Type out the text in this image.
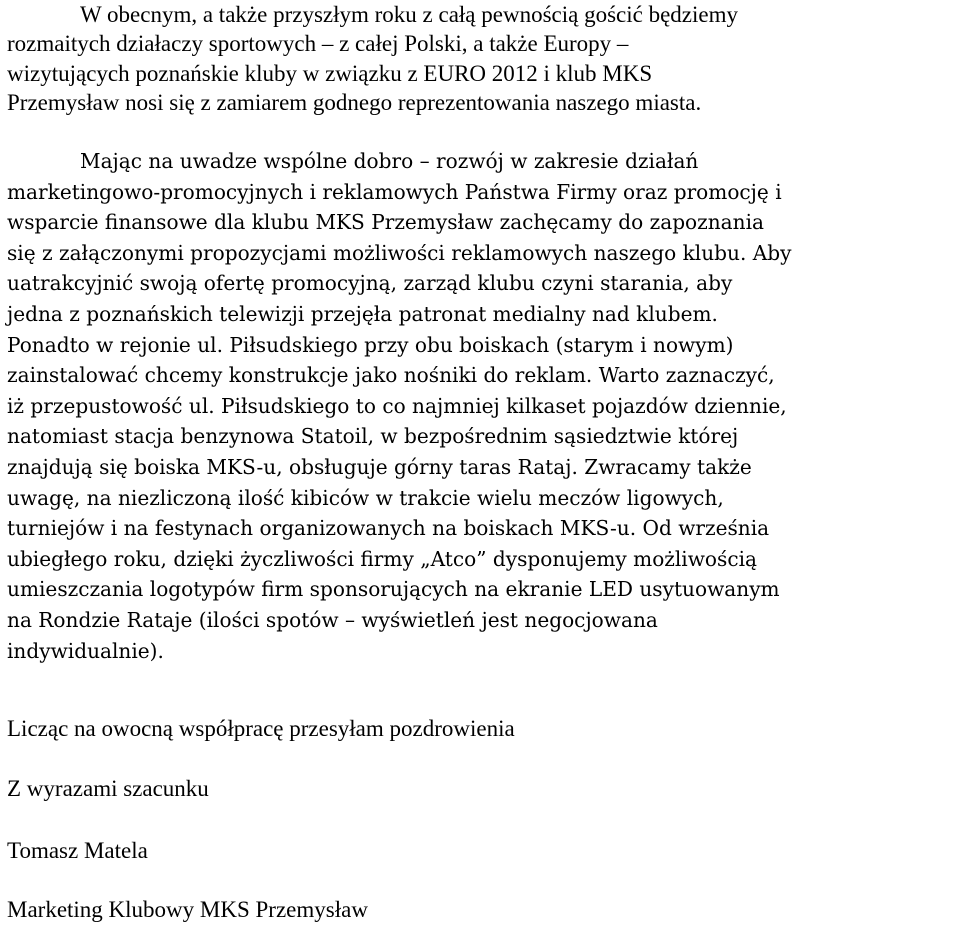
W obecnym, a także przyszłym roku z całą pewnością gościć będziemy
rozmaitych działaczy sportowych – z całej Polski, a także Europy –
wizytujących poznańskie kluby w związku z EURO 2012 i klub MKS
Przemysław nosi się z zamiarem godnego reprezentowania naszego miasta.

Mając na uwadze wspólne dobro – rozwój w zakresie działań
marketingowo-promocyjnych i reklamowych Państwa Firmy oraz promocję i
wsparcie finansowe dla klubu MKS Przemysław zachęcamy do zapoznania
się z załączonymi propozycjami możliwości reklamowych naszego klubu. Aby
uatrakcyjnić swoją ofertę promocyjną, zarząd klubu czyni starania, aby
jedna z poznańskich telewizji przejęła patronat medialny nad klubem.
Ponadto w rejonie ul. Piłsudskiego przy obu boiskach (starym i nowym)
zainstalować chcemy konstrukcje jako nośniki do reklam. Warto zaznaczyć,
iż przepustowość ul. Piłsudskiego to co najmniej kilkaset pojazdów dziennie,
natomiast stacja benzynowa Statoil, w bezpośrednim sąsiedztwie której
znajdują się boiska MKS-u, obsługuje górny taras Rataj. Zwracamy także
uwagę, na niezliczoną ilość kibiców w trakcie wielu meczów ligowych,
turniejów i na festynach organizowanych na boiskach MKS-u. Od września
ubiegłego roku, dzięki życzliwości firmy „Atco” dysponujemy możliwością
umieszczania logotypów firm sponsorujących na ekranie LED usytuowanym
na Rondzie Rataje (ilości spotów – wyświetleń jest negocjowana
indywidualnie).

Licząc na owocną współpracę przesyłam pozdrowienia

Z wyrazami szacunku

Tomasz Matela

Marketing Klubowy MKS Przemysław
